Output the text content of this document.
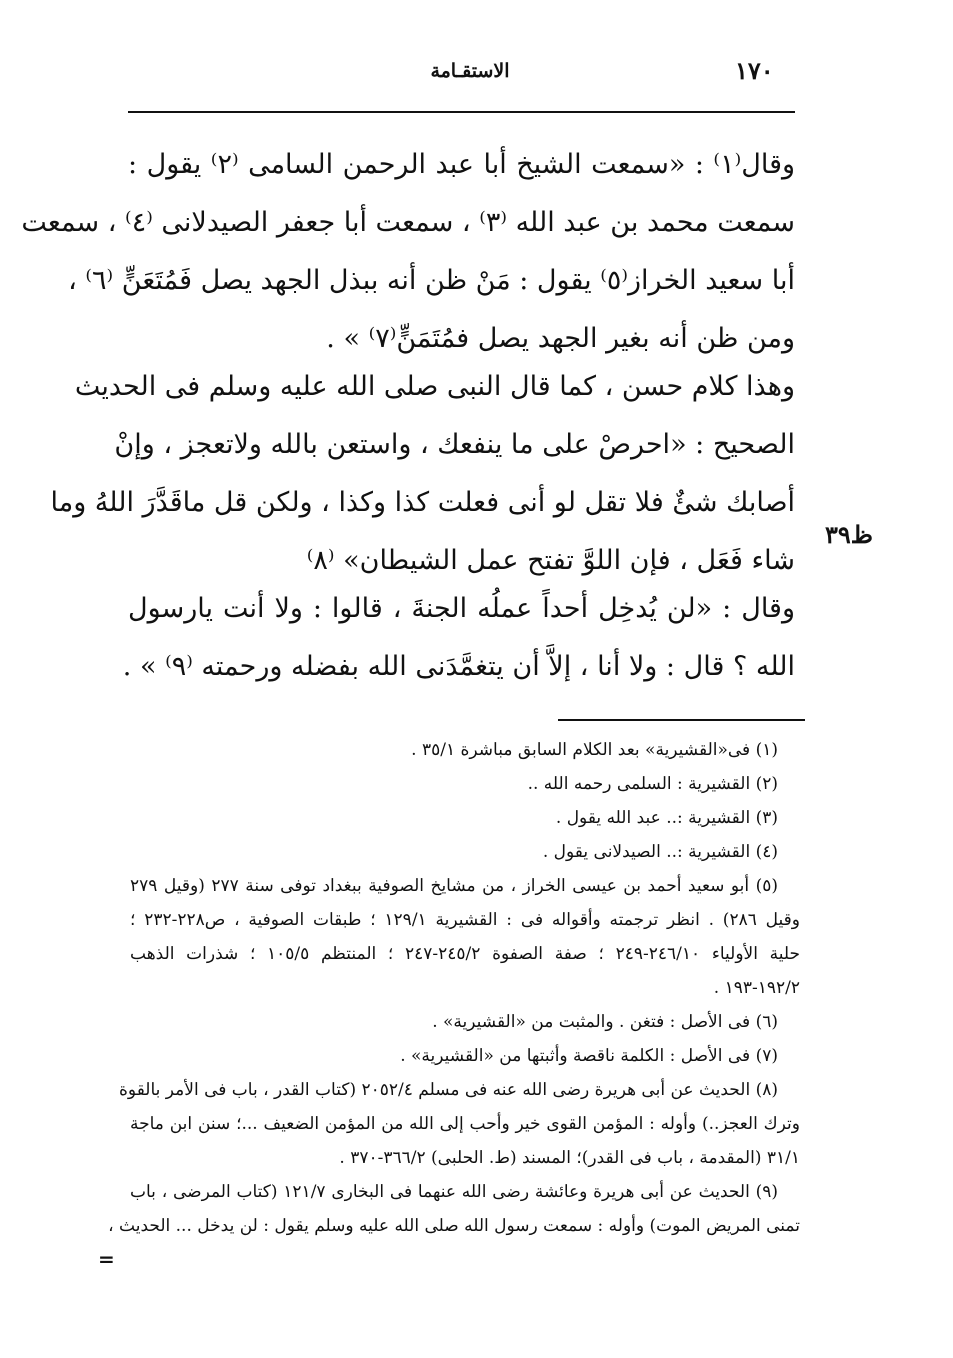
١٧٠
الاستقـامة
وقال⁽١⁾ : «سمعت الشيخ أبا عبد الرحمن السامى ⁽٢⁾ يقول :
سمعت محمد بن عبد الله ⁽٣⁾ ، سمعت أبا جعفر الصيدلانى ⁽٤⁾ ، سمعت
أبا سعيد الخراز⁽٥⁾ يقول : مَنْ ظن أنه ببذل الجهد يصل فَمُتَعَنٍّ ⁽٦⁾ ،
ومن ظن أنه بغير الجهد يصل فمُتَمَنٍّ⁽٧⁾ » .
وهذا كلام حسن ، كما قال النبى صلى الله عليه وسلم فى الحديث
الصحيح : «احرصْ على ما ينفعك ، واستعن بالله ولاتعجز ، وإنْ
أصابك شئٌ فلا تقل لو أنى فعلت كذا وكذا ، ولكن قل ماقَدَّرَ اللهُ وما
شاء فَعَل ، فإن اللوَّ تفتح عمل الشيطان» ⁽٨⁾
ظ٣٩
وقال : «لن يُدخِل أحداً عملُه الجنةَ ، قالوا : ولا أنت يارسول
الله ؟ قال : ولا أنا ، إلاَّ أن يتغمَّدَنى الله بفضله ورحمته ⁽٩⁾ » .
(١) فى«القشيرية» بعد الكلام السابق مباشرة ٣٥/١ .
(٢) القشيرية : السلمى رحمه الله ..
(٣) القشيرية :.. عبد الله يقول .
(٤) القشيرية :.. الصيدلانى يقول .
(٥) أبو سعيد أحمد بن عيسى الخراز ، من مشايخ الصوفية ببغداد توفى سنة ٢٧٧ (وقيل ٢٧٩
وقيل ٢٨٦) . انظر ترجمته وأقواله فى : القشيرية ١٢٩/١ ؛ طبقات الصوفية ، ص٢٢٨-٢٣٢ ؛
حلية الأولياء ٢٤٦/١٠-٢٤٩ ؛ صفة الصفوة ٢٤٥/٢-٢٤٧ ؛ المنتظم ١٠٥/٥ ؛ شذرات الذهب
١٩٢/٢-١٩٣ .
(٦) فى الأصل : فتغن . والمثبت من «القشيرية» .
(٧) فى الأصل : الكلمة ناقصة وأثبتها من «القشيرية» .
(٨) الحديث عن أبى هريرة رضى الله عنه فى مسلم ٢٠٥٢/٤ (كتاب القدر ، باب فى الأمر بالقوة
وترك العجز..) وأوله : المؤمن القوى خير وأحب إلى الله من المؤمن الضعيف ...؛ سنن ابن ماجة
٣١/١ (المقدمة ، باب فى القدر)؛ المسند (ط. الحلبى) ٣٦٦/٢-٣٧٠ .
(٩) الحديث عن أبى هريرة وعائشة رضى الله عنهما فى البخارى ١٢١/٧ (كتاب المرضى ، باب
تمنى المريض الموت) وأوله : سمعت رسول الله صلى الله عليه وسلم يقول : لن يدخل ... الحديث ،
=
